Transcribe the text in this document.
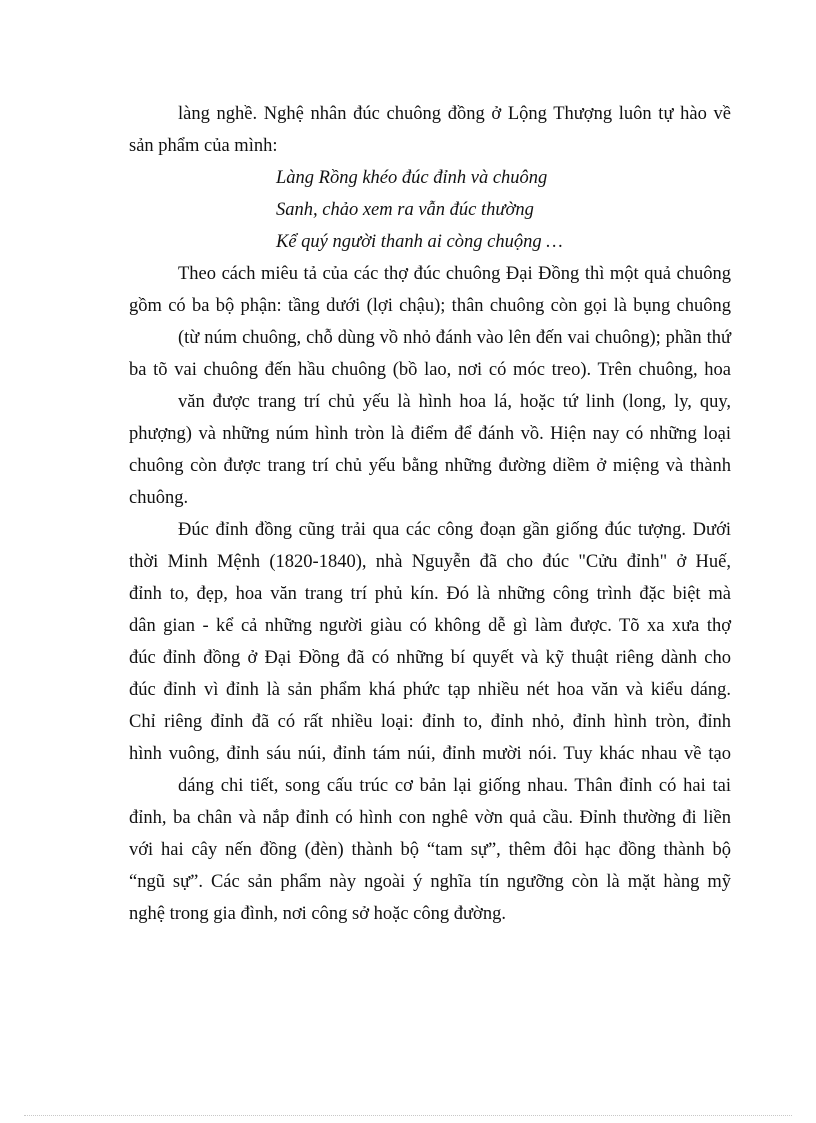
làng nghề. Nghệ nhân đúc chuông đồng ở Lộng Thượng luôn tự hào về
sản phẩm của mình:
Làng Rồng khéo đúc đỉnh và chuông
Sanh, chảo xem ra vẫn đúc thường
Kể quý người thanh ai còng chuộng …
Theo cách miêu tả của các thợ đúc chuông Đại Đồng thì một quả chuông
gồm có ba bộ phận: tầng dưới (lợi chậu); thân chuông còn gọi là bụng chuông
(từ núm chuông, chỗ dùng vồ nhỏ đánh vào lên đến vai chuông); phần thứ
ba tõ vai chuông đến hầu chuông (bồ lao, nơi có móc treo). Trên chuông, hoa
văn được trang trí chủ yếu là hình hoa lá, hoặc tứ linh (long, ly, quy,
phượng) và những núm hình tròn là điểm để đánh vồ. Hiện nay có những loại
chuông còn được trang trí chủ yếu bằng những đường diềm ở miệng và thành
chuông.
Đúc đỉnh đồng cũng trải qua các công đoạn gần giống đúc tượng. Dưới
thời Minh Mệnh (1820-1840), nhà Nguyễn đã cho đúc "Cửu đỉnh" ở Huế,
đỉnh to, đẹp, hoa văn trang trí phủ kín. Đó là những công trình đặc biệt mà
dân gian - kể cả những người giàu có không dễ gì làm được. Tõ xa xưa thợ
đúc đỉnh đồng ở Đại Đồng đã có những bí quyết và kỹ thuật riêng dành cho
đúc đỉnh vì đỉnh là sản phẩm khá phức tạp nhiều nét hoa văn và kiểu dáng.
Chỉ riêng đỉnh đã có rất nhiều loại: đỉnh to, đỉnh nhỏ, đỉnh hình tròn, đỉnh
hình vuông, đỉnh sáu núi, đỉnh tám núi, đỉnh mười nói. Tuy khác nhau về tạo
dáng chi tiết, song cấu trúc cơ bản lại giống nhau. Thân đỉnh có hai tai
đỉnh, ba chân và nắp đỉnh có hình con nghê vờn quả cầu. Đỉnh thường đi liền
với hai cây nến đồng (đèn) thành bộ “tam sự”, thêm đôi hạc đồng thành bộ
“ngũ sự”. Các sản phẩm này ngoài ý nghĩa tín ngưỡng còn là mặt hàng mỹ
nghệ trong gia đình, nơi công sở hoặc công đường.
